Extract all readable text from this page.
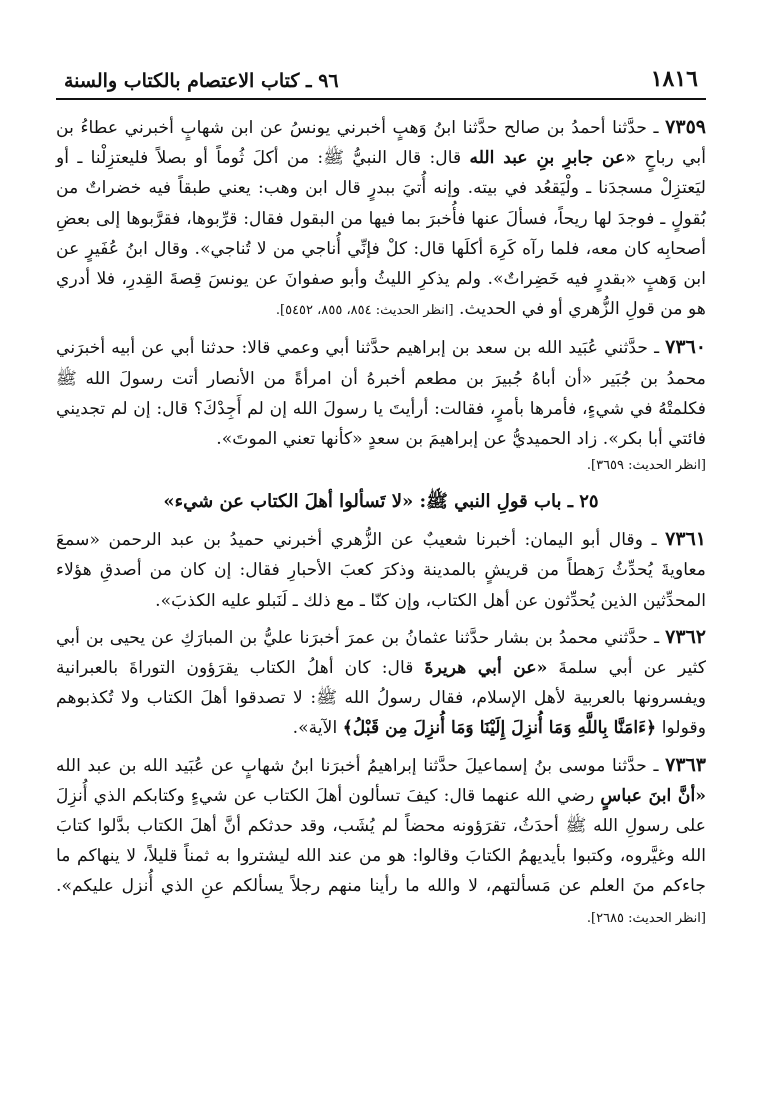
١٨١٦
٩٦ ـ كتاب الاعتصام بالكتاب والسنة

٧٣٥٩ ـ حدَّثنا أحمدُ بن صالح حدَّثنا ابنُ وَهبٍ أخبرني يونسُ عن ابن شهابٍ أخبرني عطاءُ بن أبي رباحٍ «عن جابرِ بنِ عبد الله قال: قال النبيُّ ﷺ: من أكلَ ثُوماً أو بصلاً فليعتزِلْنا ـ أو ليَعتزِلْ مسجدَنا ـ ولْيَقعُد في بيته. وإنه أُتيَ ببدرٍ قال ابن وهب: يعني طبقاً فيه خضراتٌ من بُقولٍ ـ فوجدَ لها ريحاً، فسألَ عنها فأُخبرَ بما فيها من البقول فقال: قرِّبوها، فقرَّبوها إلى بعضِ أصحابِه كان معه، فلما رآه كَرِهَ أكلَها قال: كلْ فإنِّي أُناجي من لا تُناجي». وقال ابنُ عُفَيرٍ عن ابن وَهبٍ «بقدرٍ فيه خَضِراتٌ». ولم يذكرِ الليثُ وأبو صفوانَ عن يونسَ قِصةَ القِدرِ، فلا أدري هو من قولِ الزُّهري أو في الحديث. [انظر الحديث: ٨٥٤، ٨٥٥، ٥٤٥٢].

٧٣٦٠ ـ حدَّثني عُبَيد الله بن سعد بن إبراهيم حدَّثنا أبي وعمي قالا: حدثنا أبي عن أبيه أخبرَني محمدُ بن جُبَير «أن أباهُ جُبيرَ بن مطعم أخبرهُ أن امرأةً من الأنصار أتت رسولَ الله ﷺ فكلمتْهُ في شيءٍ، فأمرها بأمرٍ، فقالت: أرأيتَ يا رسولَ الله إن لم أَجِدْكَ؟ قال: إن لم تجديني فائتي أبا بكر». زاد الحميديُّ عن إبراهيمَ بن سعدٍ «كأنها تعني الموتَ».
[انظر الحديث: ٣٦٥٩].

٢٥ ـ باب قولِ النبي ﷺ: «لا تَسألوا أهلَ الكتاب عن شيء»

٧٣٦١ ـ وقال أبو اليمان: أخبرنا شعيبٌ عن الزُّهري أخبرني حميدُ بن عبد الرحمن «سمعَ معاويةَ يُحدِّثُ رَهطاً من قريشٍ بالمدينة وذكرَ كعبَ الأحبارِ فقال: إن كان من أصدقِ هؤلاء المحدِّثين الذين يُحدِّثون عن أهل الكتاب، وإن كنّا ـ مع ذلك ـ لَنَبلو عليه الكذبَ».

٧٣٦٢ ـ حدَّثني محمدُ بن بشار حدَّثنا عثمانُ بن عمرَ أخبرَنا عليُّ بن المبارَكِ عن يحيى بن أبي كثير عن أبي سلمةَ «عن أبي هريرةَ قال: كان أهلُ الكتاب يقرَؤون التوراةَ بالعبرانية ويفسرونها بالعربية لأهل الإسلام، فقال رسولُ الله ﷺ: لا تصدقوا أهلَ الكتاب ولا تُكذبوهم وقولوا ﴿ءَامَنَّا بِاللَّهِ وَمَا أُنزِلَ إِلَيْنَا وَمَا أُنزِلَ مِن قَبْلُ﴾ الآية».

٧٣٦٣ ـ حدَّثنا موسى بنُ إسماعيلَ حدَّثنا إبراهيمُ أخبرَنا ابنُ شهابٍ عن عُبَيد الله بن عبد الله «أنَّ ابنَ عباسٍ رضي الله عنهما قال: كيفَ تسألون أهلَ الكتاب عن شيءٍ وكتابكم الذي أُنزِلَ على رسولِ الله ﷺ أحدَثُ، تقرَؤونه محضاً لم يُشَب، وقد حدثكم أنَّ أهلَ الكتاب بدَّلوا كتابَ الله وغيَّروه، وكتبوا بأيديهمُ الكتابَ وقالوا: هو من عند الله ليشتروا به ثمناً قليلاً، لا ينهاكم ما جاءكم منَ العلم عن مَسألتهم، لا والله ما رأينا منهم رجلاً يسألكم عنِ الذي أُنزل عليكم». [انظر الحديث: ٢٦٨٥].
